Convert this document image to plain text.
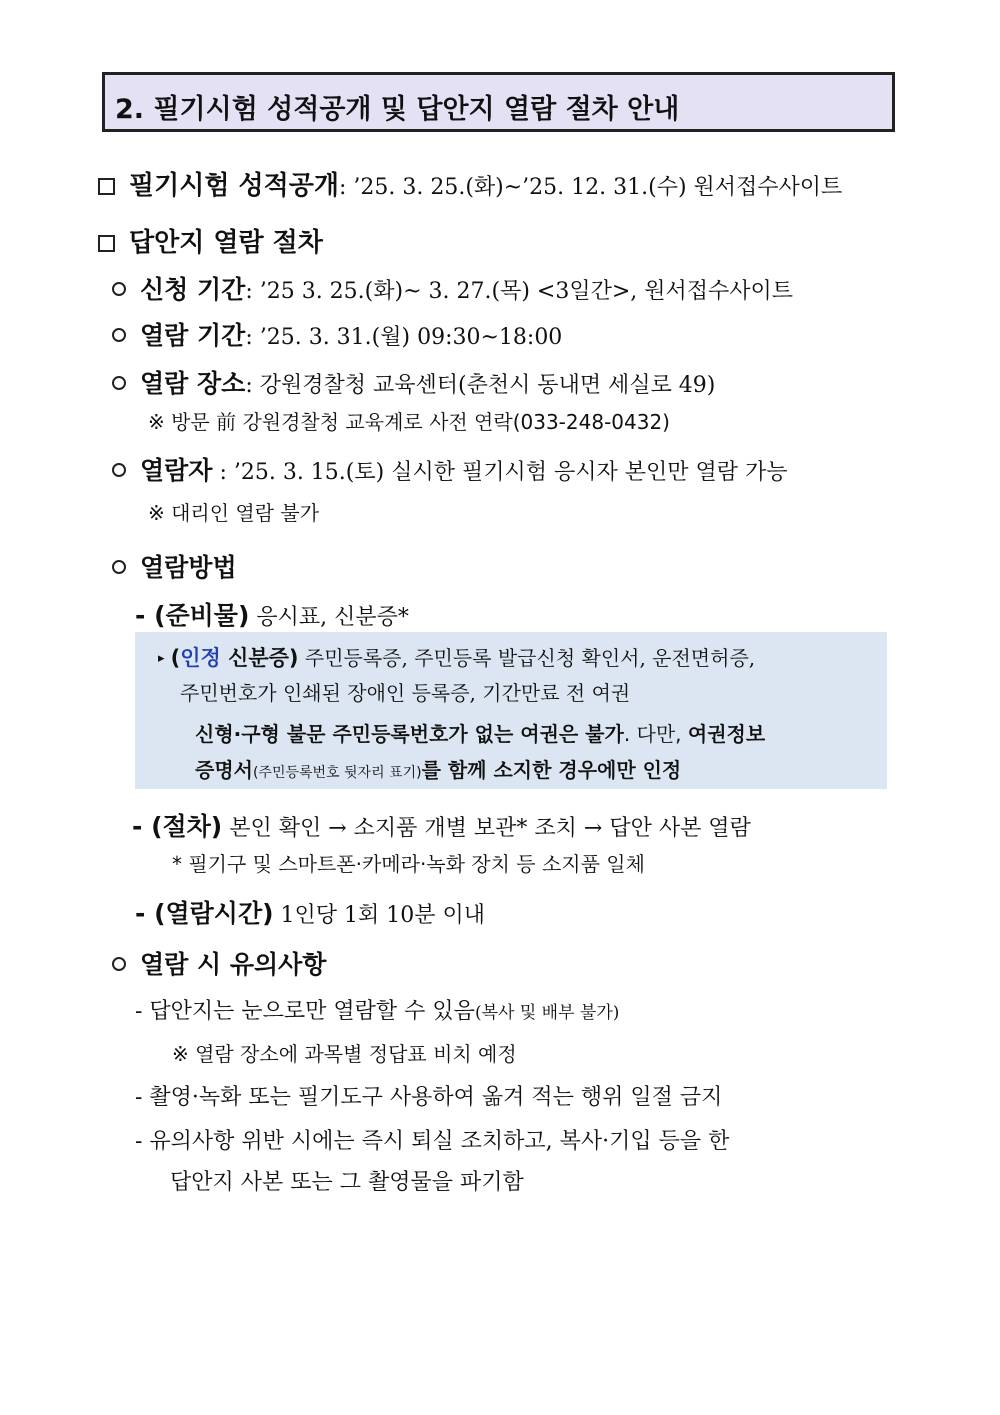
2. 필기시험 성적공개 및 답안지 열람 절차 안내
필기시험 성적공개: ’25. 3. 25.(화)~’25. 12. 31.(수) 원서접수사이트
답안지 열람 절차
신청 기간: ’25 3. 25.(화)~ 3. 27.(목) <3일간>, 원서접수사이트
열람 기간: ’25. 3. 31.(월) 09:30~18:00
열람 장소: 강원경찰청 교육센터(춘천시 동내면 세실로 49)
※ 방문 前 강원경찰청 교육계로 사전 연락(033-248-0432)
열람자 : ’25. 3. 15.(토) 실시한 필기시험 응시자 본인만 열람 가능
※ 대리인 열람 불가
열람방법
- (준비물) 응시표, 신분증*
▸ (인정 신분증) 주민등록증, 주민등록 발급신청 확인서, 운전면허증,
주민번호가 인쇄된 장애인 등록증, 기간만료 전 여권
신형·구형 불문 주민등록번호가 없는 여권은 불가. 다만, 여권정보
증명서(주민등록번호 뒷자리 표기)를 함께 소지한 경우에만 인정
- (절차) 본인 확인 → 소지품 개별 보관* 조치 → 답안 사본 열람
* 필기구 및 스마트폰·카메라·녹화 장치 등 소지품 일체
- (열람시간) 1인당 1회 10분 이내
열람 시 유의사항
- 답안지는 눈으로만 열람할 수 있음(복사 및 배부 불가)
※ 열람 장소에 과목별 정답표 비치 예정
- 촬영·녹화 또는 필기도구 사용하여 옮겨 적는 행위 일절 금지
- 유의사항 위반 시에는 즉시 퇴실 조치하고, 복사·기입 등을 한
답안지 사본 또는 그 촬영물을 파기함
